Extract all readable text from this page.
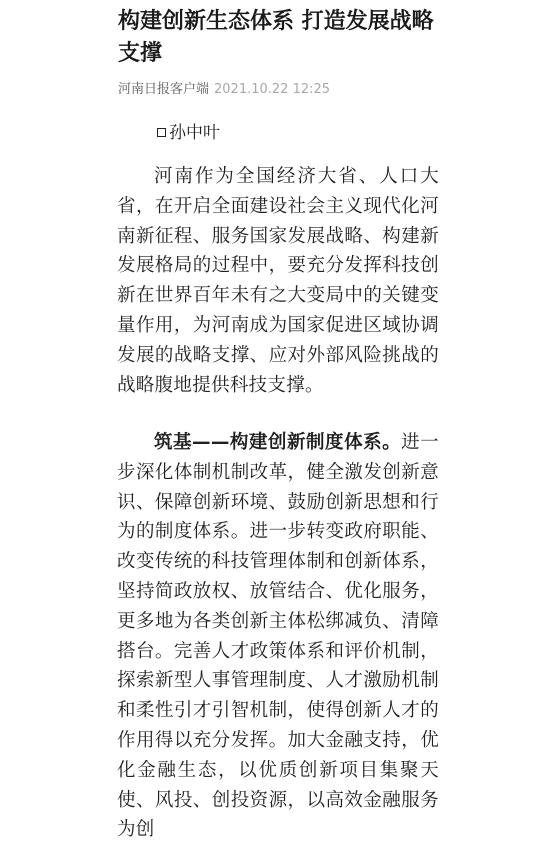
构建创新生态体系 打造发展战略支撑
河南日报客户端 2021.10.22 12:25
孙中叶

河南作为全国经济大省、人口大省，在开启全面建设社会主义现代化河南新征程、服务国家发展战略、构建新发展格局的过程中，要充分发挥科技创新在世界百年未有之大变局中的关键变量作用，为河南成为国家促进区域协调发展的战略支撑、应对外部风险挑战的战略腹地提供科技支撑。

筑基——构建创新制度体系。进一步深化体制机制改革，健全激发创新意识、保障创新环境、鼓励创新思想和行为的制度体系。进一步转变政府职能、改变传统的科技管理体制和创新体系，坚持简政放权、放管结合、优化服务，更多地为各类创新主体松绑减负、清障搭台。完善人才政策体系和评价机制，探索新型人事管理制度、人才激励机制和柔性引才引智机制，使得创新人才的作用得以充分发挥。加大金融支持，优化金融生态，以优质创新项目集聚天使、风投、创投资源，以高效金融服务为创
